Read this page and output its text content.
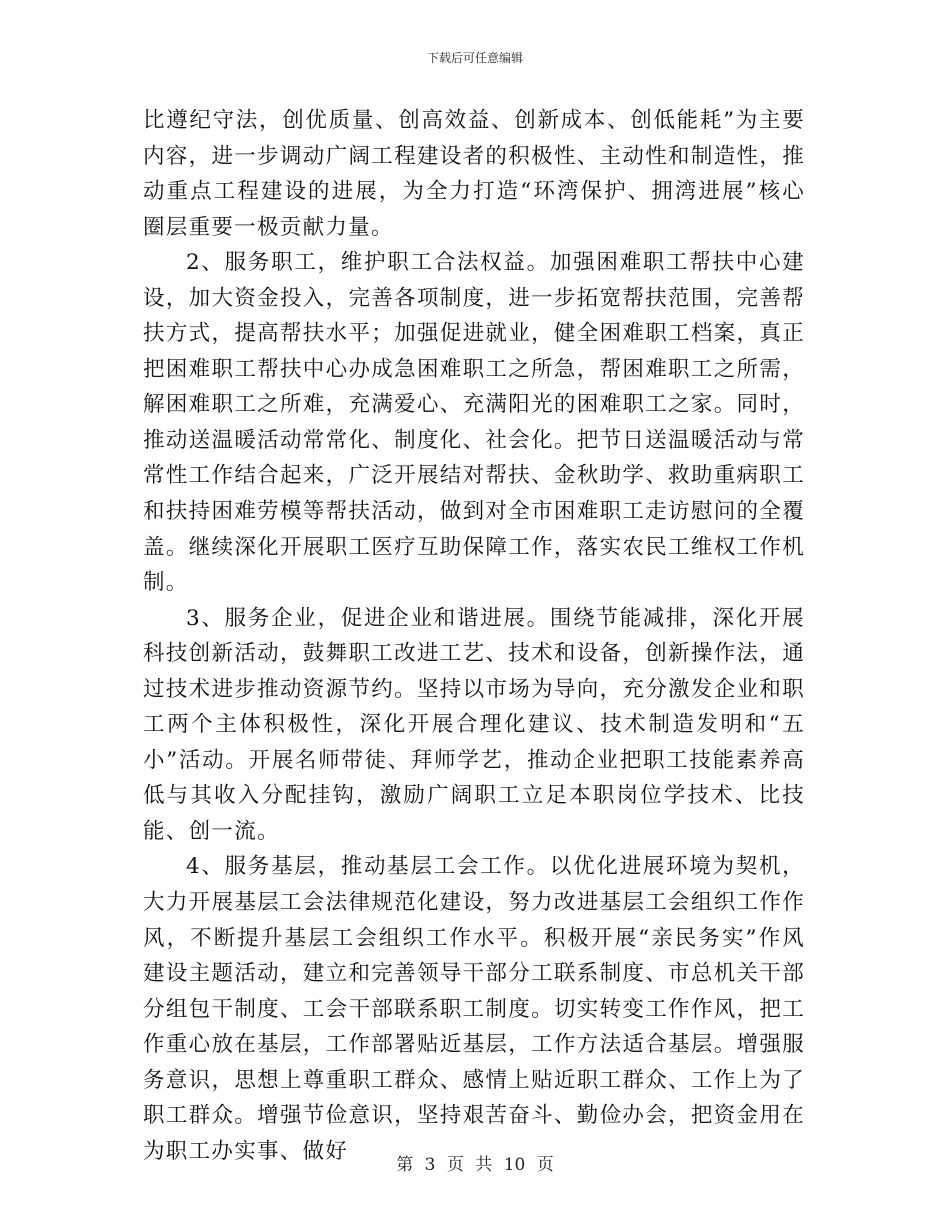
下载后可任意编辑

比遵纪守法，创优质量、创高效益、创新成本、创低能耗”为主要内容，进一步调动广阔工程建设者的积极性、主动性和制造性，推动重点工程建设的进展，为全力打造“环湾保护、拥湾进展”核心圈层重要一极贡献力量。

2、服务职工，维护职工合法权益。加强困难职工帮扶中心建设，加大资金投入，完善各项制度，进一步拓宽帮扶范围，完善帮扶方式，提高帮扶水平；加强促进就业，健全困难职工档案，真正把困难职工帮扶中心办成急困难职工之所急，帮困难职工之所需，解困难职工之所难，充满爱心、充满阳光的困难职工之家。同时，推动送温暖活动常常化、制度化、社会化。把节日送温暖活动与常常性工作结合起来，广泛开展结对帮扶、金秋助学、救助重病职工和扶持困难劳模等帮扶活动，做到对全市困难职工走访慰问的全覆盖。继续深化开展职工医疗互助保障工作，落实农民工维权工作机制。

3、服务企业，促进企业和谐进展。围绕节能减排，深化开展科技创新活动，鼓舞职工改进工艺、技术和设备，创新操作法，通过技术进步推动资源节约。坚持以市场为导向，充分激发企业和职工两个主体积极性，深化开展合理化建议、技术制造发明和“五小”活动。开展名师带徒、拜师学艺，推动企业把职工技能素养高低与其收入分配挂钩，激励广阔职工立足本职岗位学技术、比技能、创一流。

4、服务基层，推动基层工会工作。以优化进展环境为契机，大力开展基层工会法律规范化建设，努力改进基层工会组织工作作风，不断提升基层工会组织工作水平。积极开展“亲民务实”作风建设主题活动，建立和完善领导干部分工联系制度、市总机关干部分组包干制度、工会干部联系职工制度。切实转变工作作风，把工作重心放在基层，工作部署贴近基层，工作方法适合基层。增强服务意识，思想上尊重职工群众、感情上贴近职工群众、工作上为了职工群众。增强节俭意识，坚持艰苦奋斗、勤俭办会，把资金用在为职工办实事、做好

第 3 页 共 10 页
